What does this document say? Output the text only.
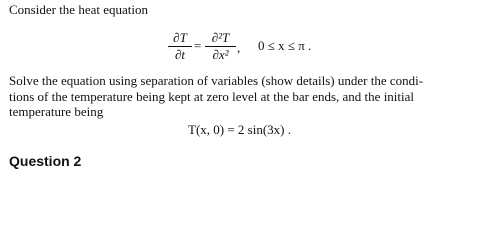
Consider the heat equation
∂T
∂t
=
∂²T
∂x² , 0 ≤ x ≤ π .
Solve the equation using separation of variables (show details) under the condi-
tions of the temperature being kept at zero level at the bar ends, and the initial
temperature being
T(x, 0) = 2 sin(3x) .
Question 2
